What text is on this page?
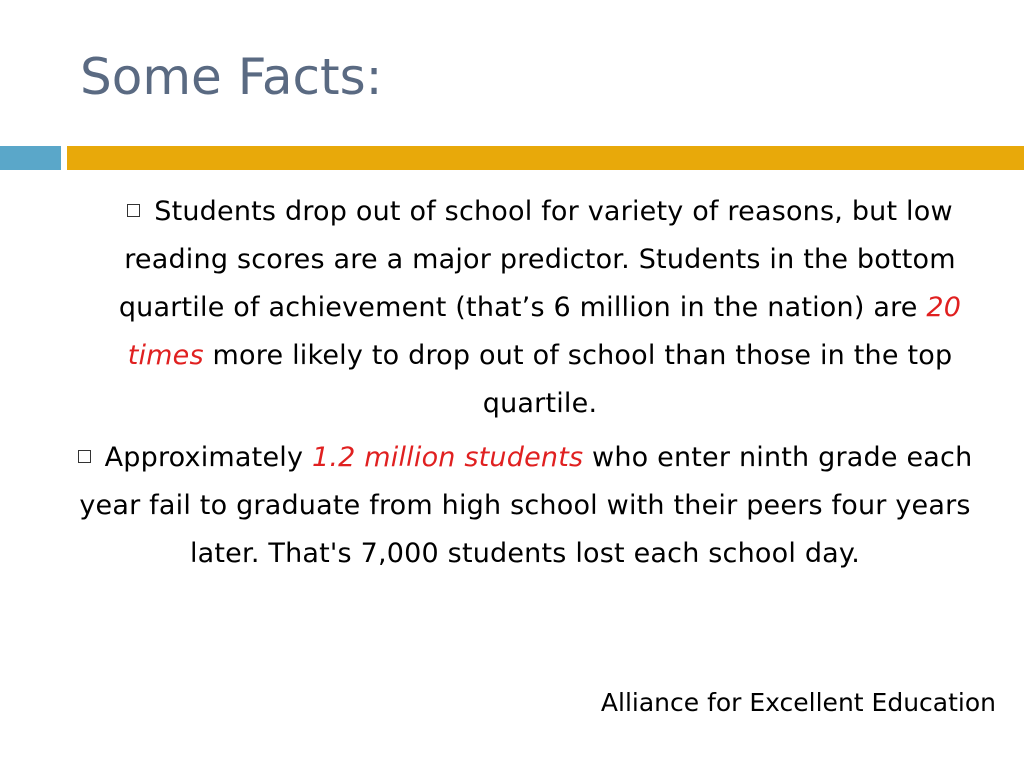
Some Facts:

Students drop out of school for variety of reasons, but low reading scores are a major predictor. Students in the bottom quartile of achievement (that’s 6 million in the nation) are 20 times more likely to drop out of school than those in the top quartile.

Approximately 1.2 million students who enter ninth grade each year fail to graduate from high school with their peers four years later. That's 7,000 students lost each school day.

Alliance for Excellent Education
